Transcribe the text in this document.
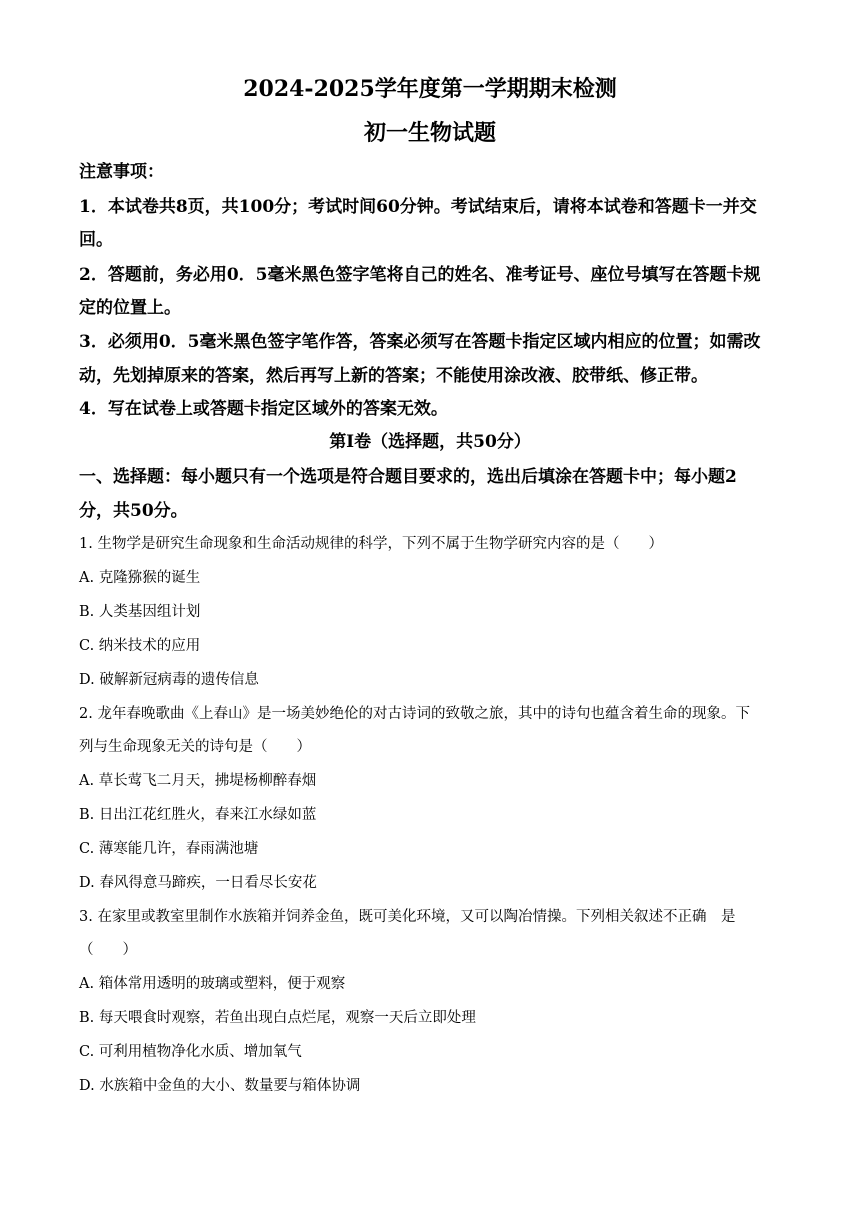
2024-2025学年度第一学期期末检测
初一生物试题
注意事项：
1．本试卷共8页，共100分；考试时间60分钟。考试结束后，请将本试卷和答题卡一并交
回。
2．答题前，务必用0．5毫米黑色签字笔将自己的姓名、准考证号、座位号填写在答题卡规
定的位置上。
3．必须用0．5毫米黑色签字笔作答，答案必须写在答题卡指定区域内相应的位置；如需改
动，先划掉原来的答案，然后再写上新的答案；不能使用涂改液、胶带纸、修正带。
4．写在试卷上或答题卡指定区域外的答案无效。
第Ⅰ卷（选择题，共50分）
一、选择题：每小题只有一个选项是符合题目要求的，选出后填涂在答题卡中；每小题2
分，共50分。
1. 生物学是研究生命现象和生命活动规律的科学，下列不属于生物学研究内容的是（　　）
A. 克隆猕猴的诞生
B. 人类基因组计划
C. 纳米技术的应用
D. 破解新冠病毒的遗传信息
2. 龙年春晚歌曲《上春山》是一场美妙绝伦的对古诗词的致敬之旅，其中的诗句也蕴含着生命的现象。下
列与生命现象无关的诗句是（　　）
A. 草长莺飞二月天，拂堤杨柳醉春烟
B. 日出江花红胜火，春来江水绿如蓝
C. 薄寒能几许，春雨满池塘
D. 春风得意马蹄疾，一日看尽长安花
3. 在家里或教室里制作水族箱并饲养金鱼，既可美化环境，又可以陶冶情操。下列相关叙述不正确　是
（　　）
A. 箱体常用透明的玻璃或塑料，便于观察
B. 每天喂食时观察，若鱼出现白点烂尾，观察一天后立即处理
C. 可利用植物净化水质、增加氧气
D. 水族箱中金鱼的大小、数量要与箱体协调
